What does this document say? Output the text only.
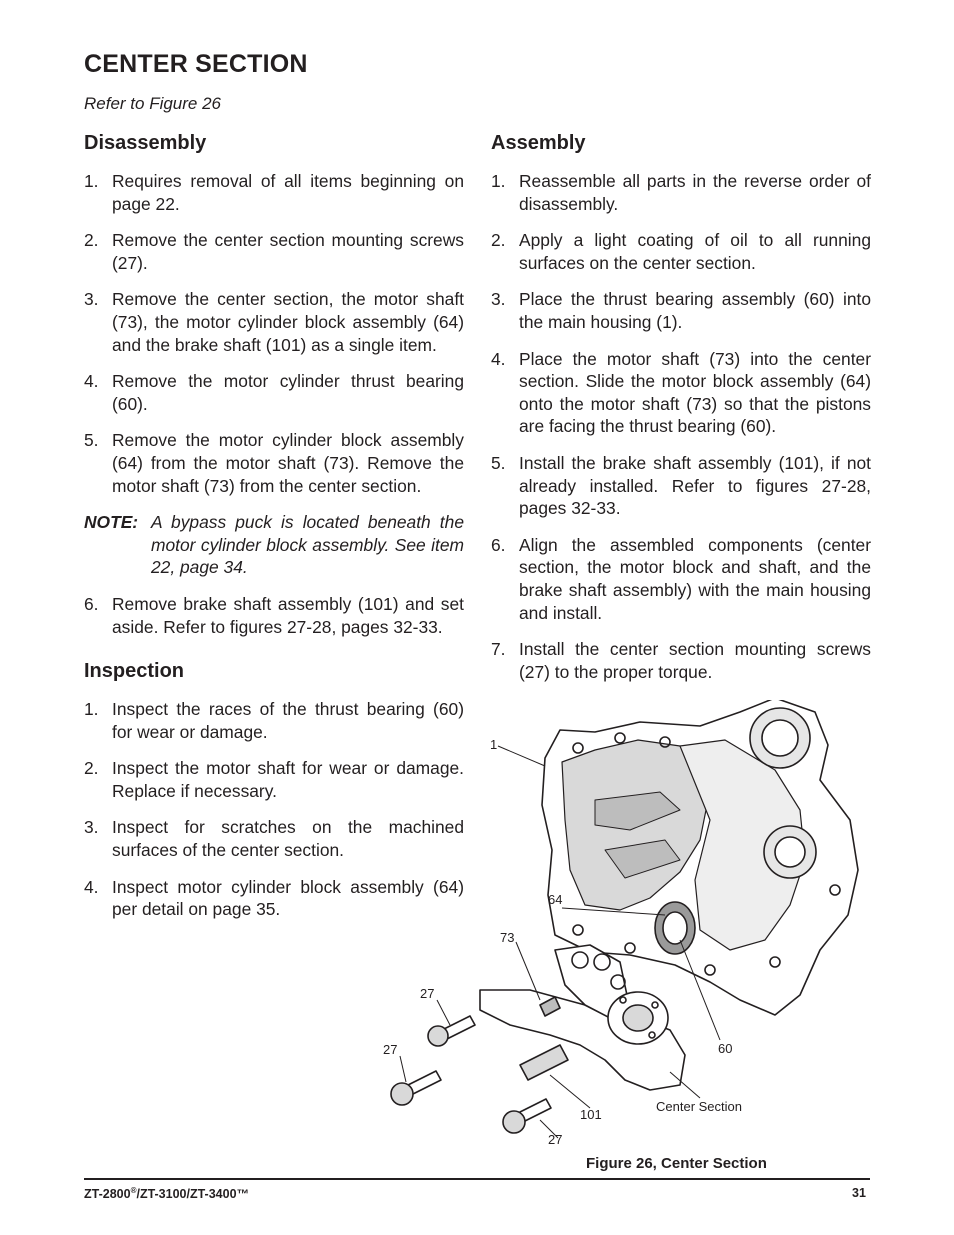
CENTER SECTION
Refer to Figure 26
Disassembly
1. Requires removal of all items beginning on page 22.
2. Remove the center section mounting screws (27).
3. Remove the center section, the motor shaft (73), the motor cylinder block assembly (64) and the brake shaft (101) as a single item.
4. Remove the motor cylinder thrust bearing (60).
5. Remove the motor cylinder block assembly (64) from the motor shaft (73). Remove the motor shaft (73) from the center section.
NOTE: A bypass puck is located beneath the motor cylinder block assembly. See item 22, page 34.
6. Remove brake shaft assembly (101) and set aside. Refer to figures 27-28, pages 32-33.
Inspection
1. Inspect the races of the thrust bearing (60) for wear or damage.
2. Inspect the motor shaft for wear or damage. Replace if necessary.
3. Inspect for scratches on the machined surfaces of the center section.
4. Inspect motor cylinder block assembly (64) per detail on page 35.
Assembly
1. Reassemble all parts in the reverse order of disassembly.
2. Apply a light coating of oil to all running surfaces on the center section.
3. Place the thrust bearing assembly (60) into the main housing (1).
4. Place the motor shaft (73) into the center section. Slide the motor block assembly (64) onto the motor shaft (73) so that the pistons are facing the thrust bearing (60).
5. Install the brake shaft assembly (101), if not already installed. Refer to figures 27-28, pages 32-33.
6. Align the assembled components (center section, the motor block and shaft, and the brake shaft assembly) with the main housing and install.
7. Install the center section mounting screws (27) to the proper torque.
1
64
73
27
27
27
60
101
Center Section
Figure 26, Center Section
ZT-2800®/ZT-3100/ZT-3400™	31
